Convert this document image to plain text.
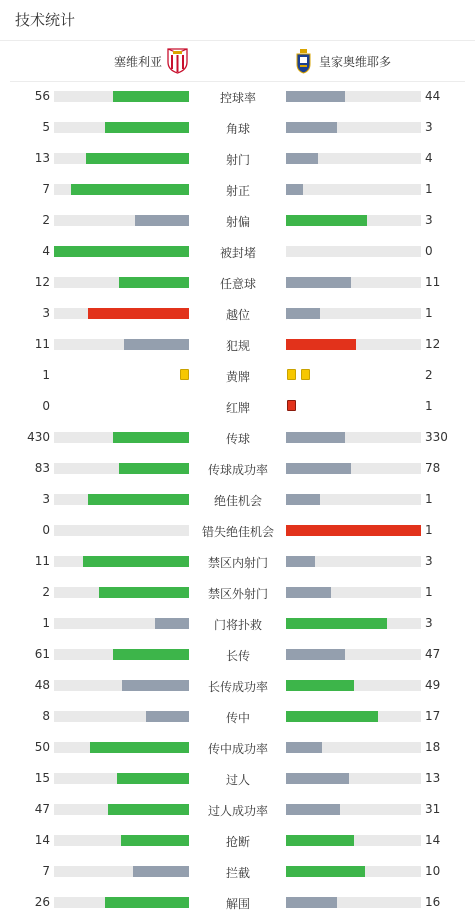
技术统计
塞维利亚	皇家奥维耶多
56	控球率	44
5	角球	3
13	射门	4
7	射正	1
2	射偏	3
4	被封堵	0
12	任意球	11
3	越位	1
11	犯规	12
1	黄牌	2
0	红牌	1
430	传球	330
83	传球成功率	78
3	绝佳机会	1
0	错失绝佳机会	1
11	禁区内射门	3
2	禁区外射门	1
1	门将扑救	3
61	长传	47
48	长传成功率	49
8	传中	17
50	传中成功率	18
15	过人	13
47	过人成功率	31
14	抢断	14
7	拦截	10
26	解围	16
